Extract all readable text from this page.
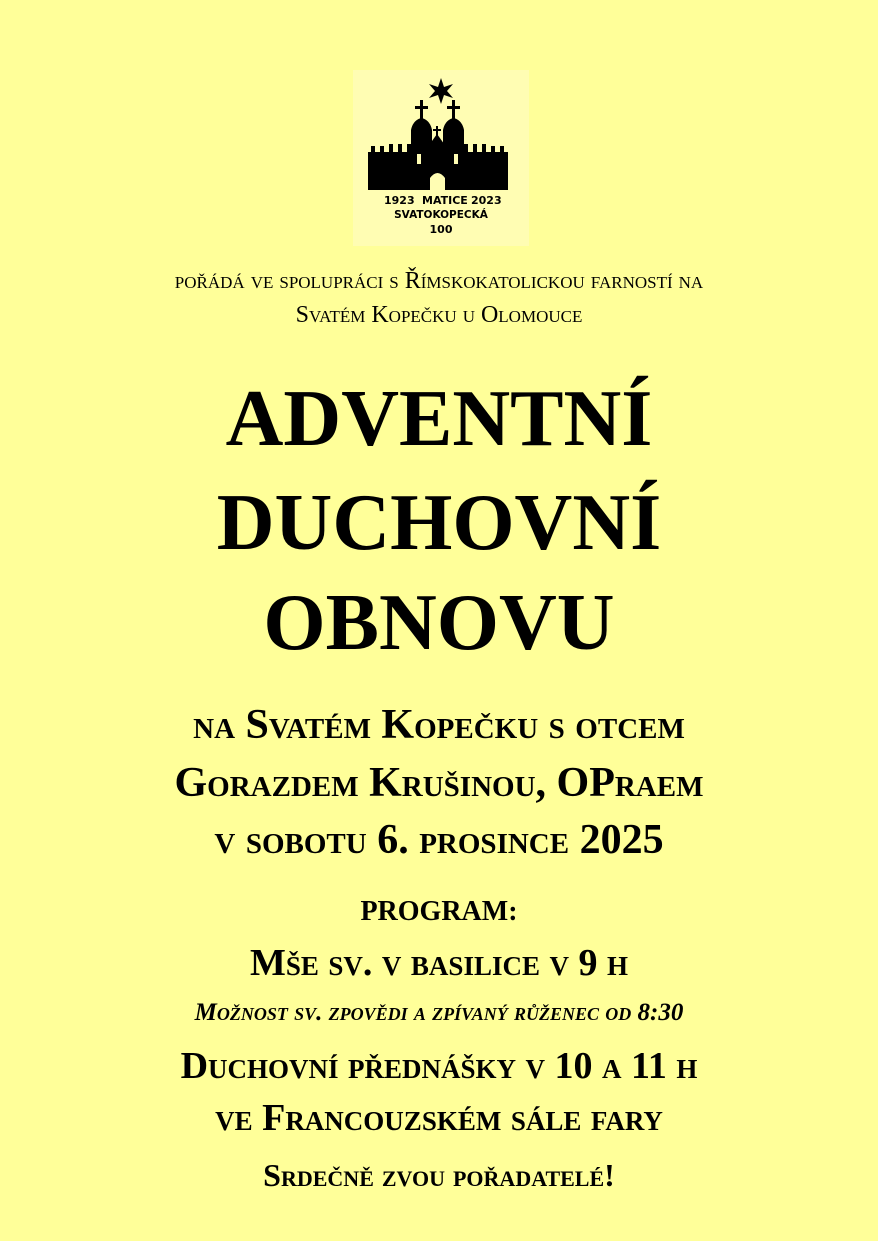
1923 MATICE 2023
SVATOKOPECKÁ
100
pořádá ve spolupráci s Římskokatolickou farností na
Svatém Kopečku u Olomouce
ADVENTNÍ
DUCHOVNÍ
OBNOVU
na Svatém Kopečku s otcem
Gorazdem Krušinou, OPraem
v sobotu 6. prosince 2025
PROGRAM:
Mše sv. v basilice v 9 h
Možnost sv. zpovědi a zpívaný růženec od 8:30
Duchovní přednášky v 10 a 11 h
ve Francouzském sále fary
Srdečně zvou pořadatelé!
